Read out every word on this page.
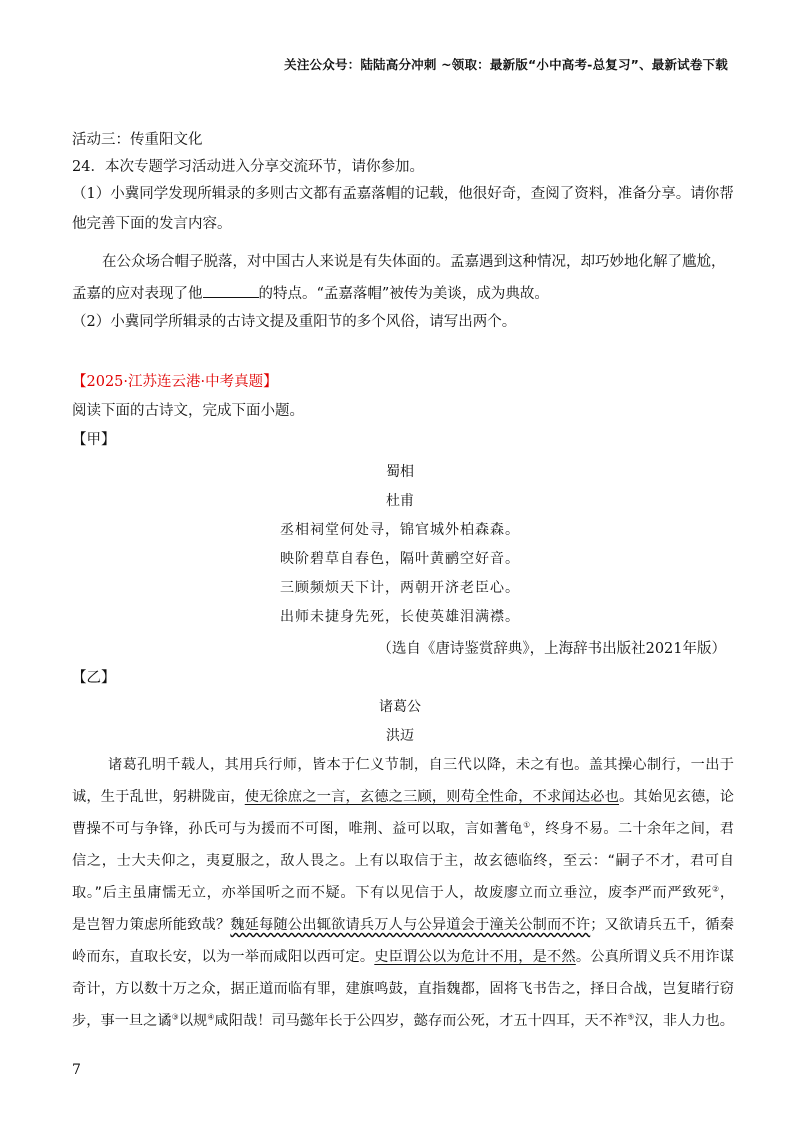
关注公众号：陆陆高分冲刺 ~领取：最新版“小中高考-总复习”、最新试卷下载
活动三：传重阳文化
24．本次专题学习活动进入分享交流环节，请你参加。
（1）小冀同学发现所辑录的多则古文都有孟嘉落帽的记载，他很好奇，查阅了资料，准备分享。请你帮
他完善下面的发言内容。
在公众场合帽子脱落，对中国古人来说是有失体面的。孟嘉遇到这种情况，却巧妙地化解了尴尬，
孟嘉的应对表现了他	的特点。“孟嘉落帽”被传为美谈，成为典故。
（2）小冀同学所辑录的古诗文提及重阳节的多个风俗，请写出两个。
【2025·江苏连云港·中考真题】
阅读下面的古诗文，完成下面小题。
【甲】
蜀相
杜甫
丞相祠堂何处寻，锦官城外柏森森。
映阶碧草自春色，隔叶黄鹂空好音。
三顾频烦天下计，两朝开济老臣心。
出师未捷身先死，长使英雄泪满襟。
（选自《唐诗鉴赏辞典》，上海辞书出版社2021年版）
【乙】
诸葛公
洪迈
诸葛孔明千载人，其用兵行师，皆本于仁义节制，自三代以降，未之有也。盖其操心制行，一出于
诚，生于乱世，躬耕陇亩，使无徐庶之一言，玄德之三顾，则苟全性命，不求闻达必也。其始见玄德，论
曹操不可与争锋，孙氏可与为援而不可图，唯荆、益可以取，言如蓍龟①，终身不易。二十余年之间，君
信之，士大夫仰之，夷夏服之，敌人畏之。上有以取信于主，故玄德临终，至云：“嗣子不才，君可自
取。”后主虽庸懦无立，亦举国听之而不疑。下有以见信于人，故废廖立而立垂泣，废李严而严致死②，
是岂智力策虑所能致哉？魏延每随公出辄欲请兵万人与公异道会于潼关公制而不许；又欲请兵五千，循秦
岭而东，直取长安，以为一举而咸阳以西可定。史臣谓公以为危计不用，是不然。公真所谓义兵不用诈谋
奇计，方以数十万之众，据正道而临有罪，建旗鸣鼓，直指魏都，固将飞书告之，择日合战，岂复睹行窃
步，事一旦之谲③以规④咸阳哉！司马懿年长于公四岁，懿存而公死，才五十四耳，天不祚⑤汉，非人力也。
7
